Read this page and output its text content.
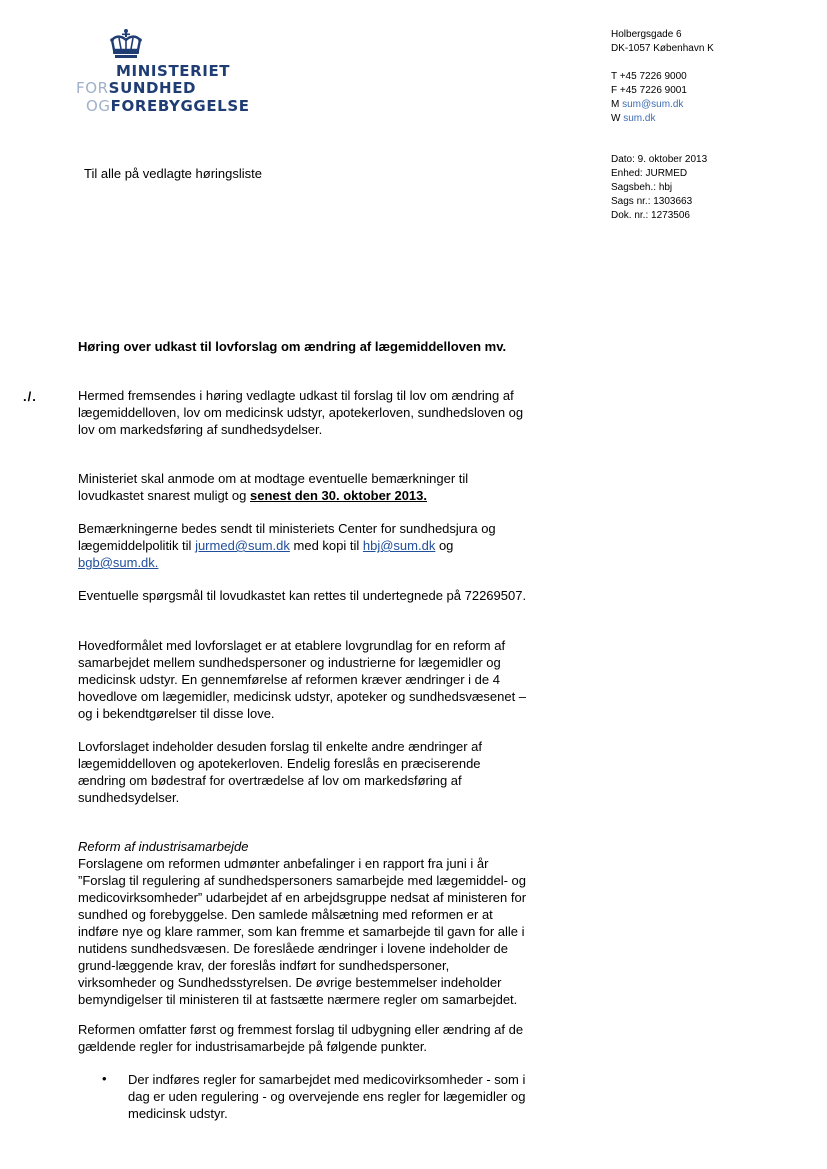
MINISTERIET
FORSUNDHED
OGFOREBYGGELSE
Holbergsgade 6
DK-1057 København K
T +45 7226 9000
F +45 7226 9001
M sum@sum.dk
W sum.dk
Dato: 9. oktober 2013
Enhed: JURMED
Sagsbeh.: hbj
Sags nr.: 1303663
Dok. nr.: 1273506
Til alle på vedlagte høringsliste
Høring over udkast til lovforslag om ændring af lægemiddelloven mv.
./.	Hermed fremsendes i høring vedlagte udkast til forslag til lov om ændring af
lægemiddelloven, lov om medicinsk udstyr, apotekerloven, sundhedsloven og
lov om markedsføring af sundhedsydelser.
Ministeriet skal anmode om at modtage eventuelle bemærkninger til
lovudkastet snarest muligt og senest den 30. oktober 2013.
Bemærkningerne bedes sendt til ministeriets Center for sundhedsjura og
lægemiddelpolitik til jurmed@sum.dk med kopi til hbj@sum.dk og
bgb@sum.dk.
Eventuelle spørgsmål til lovudkastet kan rettes til undertegnede på 72269507.
Hovedformålet med lovforslaget er at etablere lovgrundlag for en reform af
samarbejdet mellem sundhedspersoner og industrierne for lægemidler og
medicinsk udstyr. En gennemførelse af reformen kræver ændringer i de 4
hovedlove om lægemidler, medicinsk udstyr, apoteker og sundhedsvæsenet –
og i bekendtgørelser til disse love.
Lovforslaget indeholder desuden forslag til enkelte andre ændringer af
lægemiddelloven og apotekerloven. Endelig foreslås en præciserende
ændring om bødestraf for overtrædelse af lov om markedsføring af
sundhedsydelser.
Reform af industrisamarbejde
Forslagene om reformen udmønter anbefalinger i en rapport fra juni i år
”Forslag til regulering af sundhedspersoners samarbejde med lægemiddel- og
medicovirksomheder” udarbejdet af en arbejdsgruppe nedsat af ministeren for
sundhed og forebyggelse. Den samlede målsætning med reformen er at
indføre nye og klare rammer, som kan fremme et samarbejde til gavn for alle i
nutidens sundhedsvæsen. De foreslåede ændringer i lovene indeholder de
grund-læggende krav, der foreslås indført for sundhedspersoner,
virksomheder og Sundhedsstyrelsen. De øvrige bestemmelser indeholder
bemyndigelser til ministeren til at fastsætte nærmere regler om samarbejdet.
Reformen omfatter først og fremmest forslag til udbygning eller ændring af de
gældende regler for industrisamarbejde på følgende punkter.
• Der indføres regler for samarbejdet med medicovirksomheder - som i
dag er uden regulering - og overvejende ens regler for lægemidler og
medicinsk udstyr.
